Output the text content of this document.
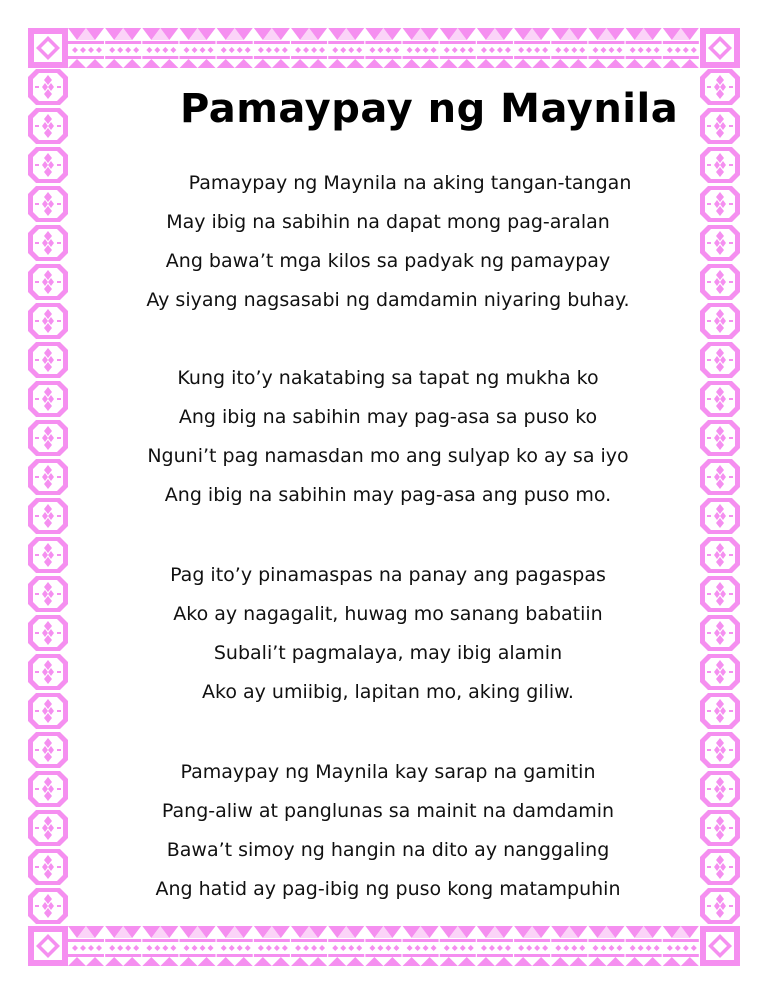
Pamaypay ng Maynila
Pamaypay ng Maynila na aking tangan-tangan
May ibig na sabihin na dapat mong pag-aralan
Ang bawa’t mga kilos sa padyak ng pamaypay
Ay siyang nagsasabi ng damdamin niyaring buhay.
Kung ito’y nakatabing sa tapat ng mukha ko
Ang ibig na sabihin may pag-asa sa puso ko
Nguni’t pag namasdan mo ang sulyap ko ay sa iyo
Ang ibig na sabihin may pag-asa ang puso mo.
Pag ito’y pinamaspas na panay ang pagaspas
Ako ay nagagalit, huwag mo sanang babatiin
Subali’t pagmalaya, may ibig alamin
Ako ay umiibig, lapitan mo, aking giliw.
Pamaypay ng Maynila kay sarap na gamitin
Pang-aliw at panglunas sa mainit na damdamin
Bawa’t simoy ng hangin na dito ay nanggaling
Ang hatid ay pag-ibig ng puso kong matampuhin
